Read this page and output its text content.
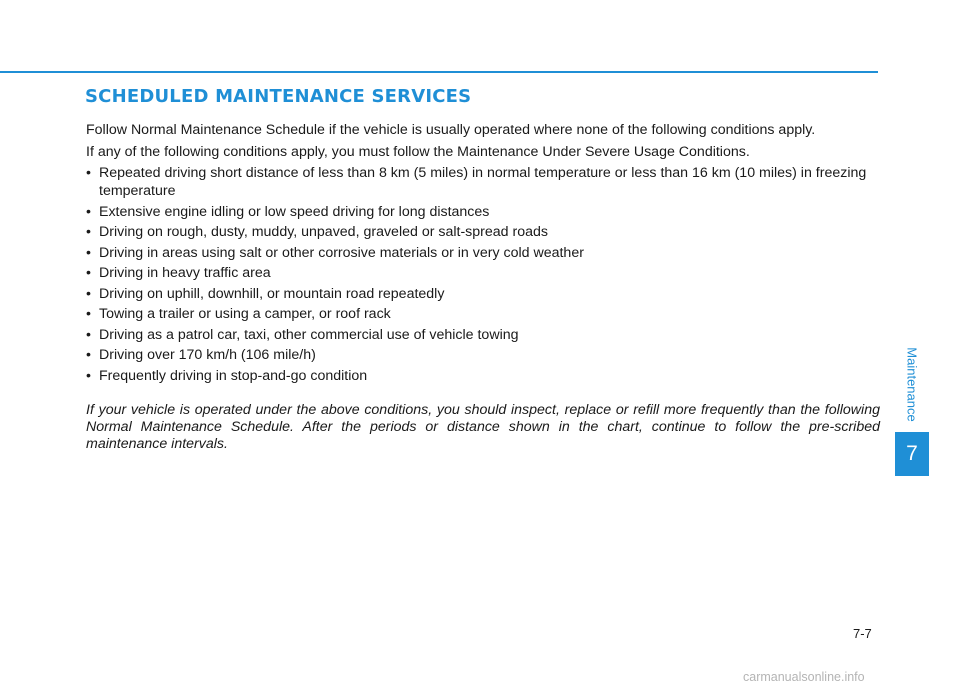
SCHEDULED MAINTENANCE SERVICES

Follow Normal Maintenance Schedule if the vehicle is usually operated where none of the following conditions apply.

If any of the following conditions apply, you must follow the Maintenance Under Severe Usage Conditions.

• Repeated driving short distance of less than 8 km (5 miles) in normal temperature or less than 16 km (10 miles) in freezing temperature
• Extensive engine idling or low speed driving for long distances
• Driving on rough, dusty, muddy, unpaved, graveled or salt-spread roads
• Driving in areas using salt or other corrosive materials or in very cold weather
• Driving in heavy traffic area
• Driving on uphill, downhill, or mountain road repeatedly
• Towing a trailer or using a camper, or roof rack
• Driving as a patrol car, taxi, other commercial use of vehicle towing
• Driving over 170 km/h (106 mile/h)
• Frequently driving in stop-and-go condition

If your vehicle is operated under the above conditions, you should inspect, replace or refill more frequently than the following Normal Maintenance Schedule. After the periods or distance shown in the chart, continue to follow the pre-scribed maintenance intervals.

Maintenance
7
7-7
carmanualsonline.info
